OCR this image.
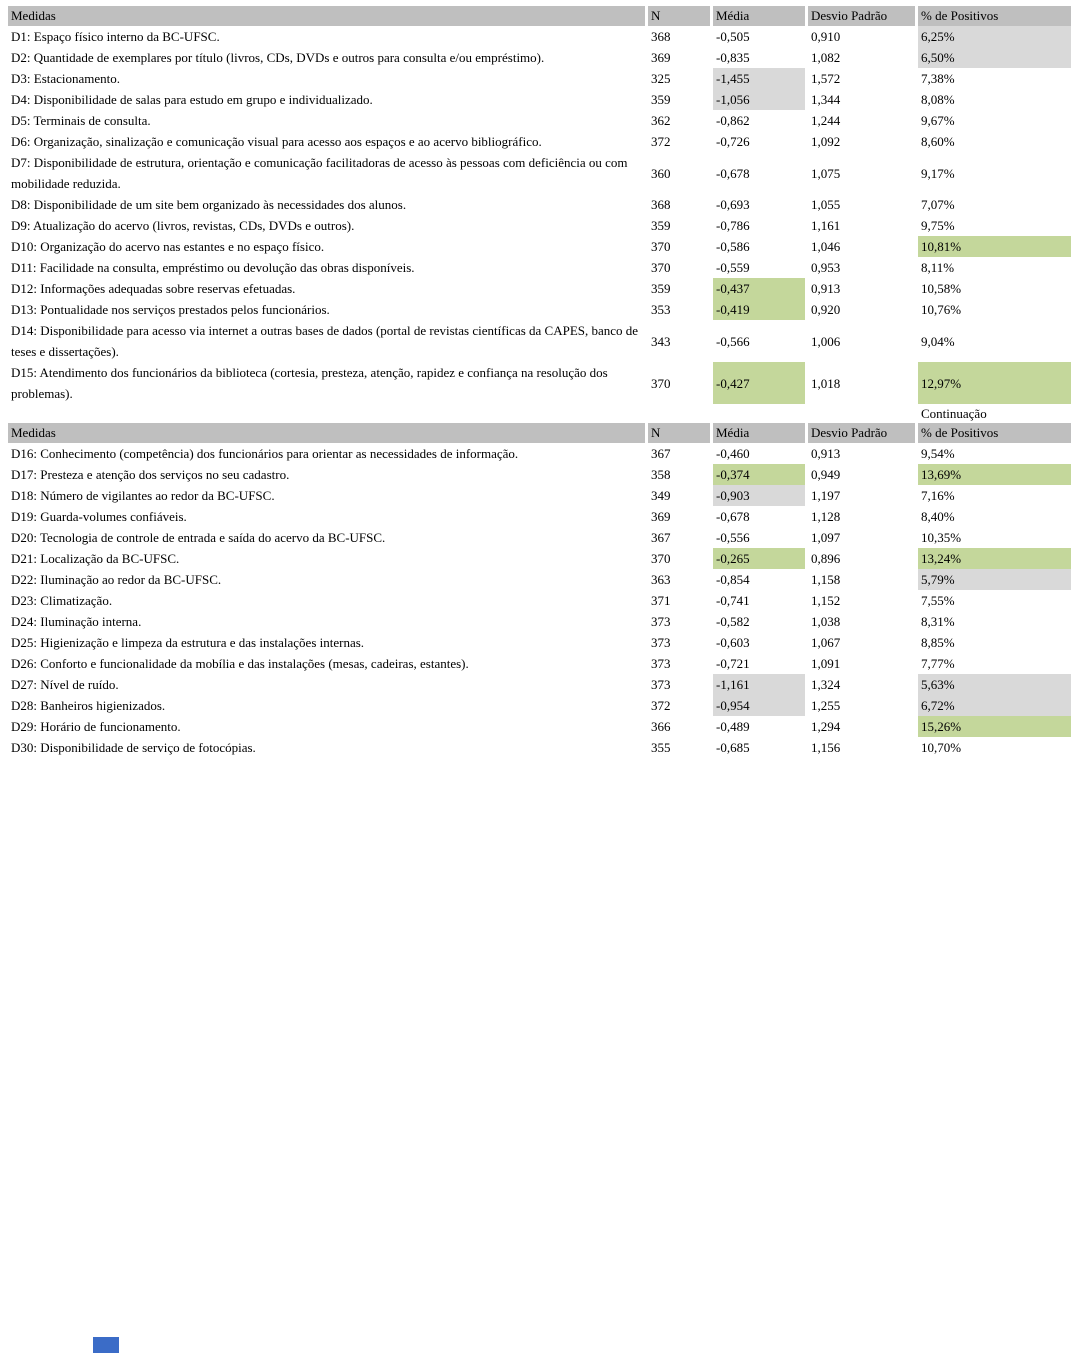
Medidas	N	Média	Desvio Padrão	% de Positivos
D1: Espaço físico interno da BC-UFSC.	368	-0,505	0,910	6,25%
D2: Quantidade de exemplares por título (livros, CDs, DVDs e outros para consulta e/ou empréstimo).	369	-0,835	1,082	6,50%
D3: Estacionamento.	325	-1,455	1,572	7,38%
D4: Disponibilidade de salas para estudo em grupo e individualizado.	359	-1,056	1,344	8,08%
D5: Terminais de consulta.	362	-0,862	1,244	9,67%
D6: Organização, sinalização e comunicação visual para acesso aos espaços e ao acervo bibliográfico.	372	-0,726	1,092	8,60%
D7: Disponibilidade de estrutura, orientação e comunicação facilitadoras de acesso às pessoas com deficiência ou com mobilidade reduzida.	360	-0,678	1,075	9,17%
D8: Disponibilidade de um site bem organizado às necessidades dos alunos.	368	-0,693	1,055	7,07%
D9: Atualização do acervo (livros, revistas, CDs, DVDs e outros).	359	-0,786	1,161	9,75%
D10: Organização do acervo nas estantes e no espaço físico.	370	-0,586	1,046	10,81%
D11: Facilidade na consulta, empréstimo ou devolução das obras disponíveis.	370	-0,559	0,953	8,11%
D12: Informações adequadas sobre reservas efetuadas.	359	-0,437	0,913	10,58%
D13: Pontualidade nos serviços prestados pelos funcionários.	353	-0,419	0,920	10,76%
D14: Disponibilidade para acesso via internet a outras bases de dados (portal de revistas científicas da CAPES, banco de teses e dissertações).	343	-0,566	1,006	9,04%
D15: Atendimento dos funcionários da biblioteca (cortesia, presteza, atenção, rapidez e confiança na resolução dos problemas).	370	-0,427	1,018	12,97%
				Continuação
Medidas	N	Média	Desvio Padrão	% de Positivos
D16: Conhecimento (competência) dos funcionários para orientar as necessidades de informação.	367	-0,460	0,913	9,54%
D17: Presteza e atenção dos serviços no seu cadastro.	358	-0,374	0,949	13,69%
D18: Número de vigilantes ao redor da BC-UFSC.	349	-0,903	1,197	7,16%
D19: Guarda-volumes confiáveis.	369	-0,678	1,128	8,40%
D20: Tecnologia de controle de entrada e saída do acervo da BC-UFSC.	367	-0,556	1,097	10,35%
D21: Localização da BC-UFSC.	370	-0,265	0,896	13,24%
D22: Iluminação ao redor da BC-UFSC.	363	-0,854	1,158	5,79%
D23: Climatização.	371	-0,741	1,152	7,55%
D24: Iluminação interna.	373	-0,582	1,038	8,31%
D25: Higienização e limpeza da estrutura e das instalações internas.	373	-0,603	1,067	8,85%
D26: Conforto e funcionalidade da mobília e das instalações (mesas, cadeiras, estantes).	373	-0,721	1,091	7,77%
D27: Nível de ruído.	373	-1,161	1,324	5,63%
D28: Banheiros higienizados.	372	-0,954	1,255	6,72%
D29: Horário de funcionamento.	366	-0,489	1,294	15,26%
D30: Disponibilidade de serviço de fotocópias.	355	-0,685	1,156	10,70%
